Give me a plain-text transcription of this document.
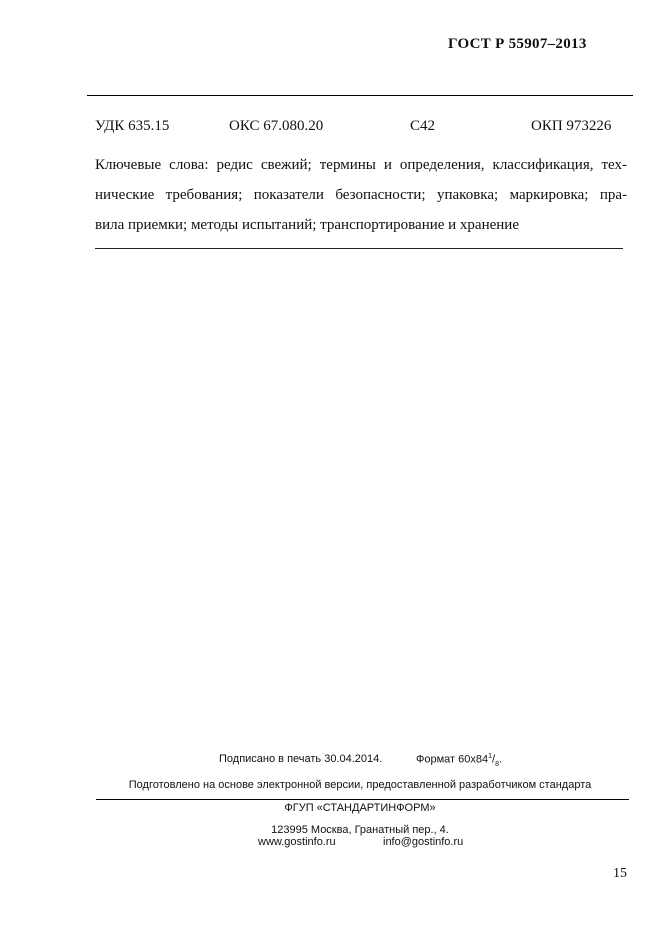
ГОСТ Р 55907–2013
УДК 635.15	ОКС 67.080.20	С42	ОКП 973226
Ключевые слова: редис свежий; термины и определения, классификация, тех-
нические требования; показатели безопасности; упаковка; маркировка; пра-
вила приемки; методы испытаний; транспортирование и хранение
Подписано в печать 30.04.2014.	Формат $60х84^1/_8$.
Подготовлено на основе электронной версии, предоставленной разработчиком стандарта
ФГУП «СТАНДАРТИНФОРМ»
123995 Москва, Гранатный пер., 4.
www.gostinfo.ru	info@gostinfo.ru
15
